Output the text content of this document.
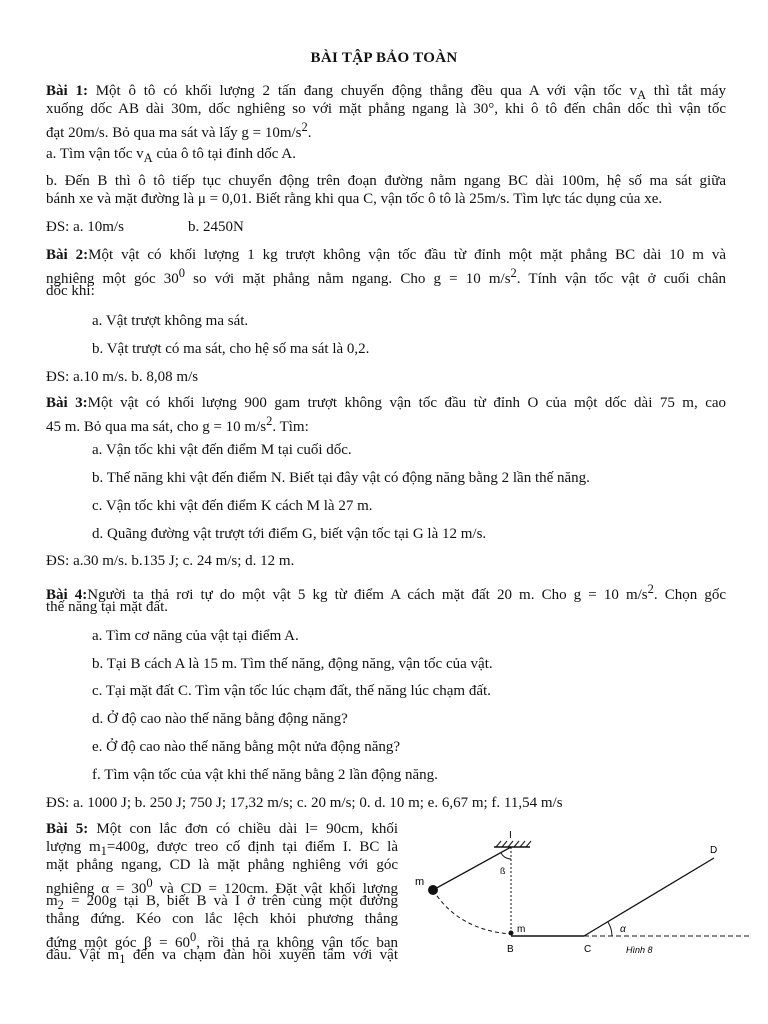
BÀI TẬP BẢO TOÀN
Bài 1: Một ô tô có khối lượng 2 tấn đang chuyển động thẳng đều qua A với vận tốc $v_A$ thì tắt máy
xuống dốc AB dài 30m, dốc nghiêng so với mặt phẳng ngang là 30°, khi ô tô đến chân dốc thì vận tốc
đạt 20m/s. Bỏ qua ma sát và lấy $g = 10m/s^2$.
a. Tìm vận tốc $v_A$ của ô tô tại đỉnh dốc A.
b. Đến B thì ô tô tiếp tục chuyển động trên đoạn đường nằm ngang BC dài 100m, hệ số ma sát giữa
bánh xe và mặt đường là μ = 0,01. Biết rằng khi qua C, vận tốc ô tô là 25m/s. Tìm lực tác dụng của xe.
ĐS: a. 10m/s	b. 2450N
Bài 2:Một vật có khối lượng 1 kg trượt không vận tốc đầu từ đỉnh một mặt phẳng BC dài 10 m và
nghiêng một góc $30^0$ so với mặt phẳng nằm ngang. Cho g = 10 $m/s^2$. Tính vận tốc vật ở cuối chân
dốc khi:
a. Vật trượt không ma sát.
b. Vật trượt có ma sát, cho hệ số ma sát là 0,2.
ĐS: a.10 m/s. b. 8,08 m/s
Bài 3:Một vật có khối lượng 900 gam trượt không vận tốc đầu từ đỉnh O của một dốc dài 75 m, cao
45 m. Bỏ qua ma sát, cho g = 10 $m/s^2$. Tìm:
a. Vận tốc khi vật đến điểm M tại cuối dốc.
b. Thế năng khi vật đến điểm N. Biết tại đây vật có động năng bằng 2 lần thế năng.
c. Vận tốc khi vật đến điểm K cách M là 27 m.
d. Quãng đường vật trượt tới điểm G, biết vận tốc tại G là 12 m/s.
ĐS: a.30 m/s. b.135 J; c. 24 m/s; d. 12 m.
Bài 4:Người ta thả rơi tự do một vật 5 kg từ điểm A cách mặt đất 20 m. Cho g = 10 $m/s^2$. Chọn gốc
thế năng tại mặt đất.
a. Tìm cơ năng của vật tại điểm A.
b. Tại B cách A là 15 m. Tìm thế năng, động năng, vận tốc của vật.
c. Tại mặt đất C. Tìm vận tốc lúc chạm đất, thế năng lúc chạm đất.
d. Ở độ cao nào thế năng bằng động năng?
e. Ở độ cao nào thế năng bằng một nửa động năng?
f. Tìm vận tốc của vật khi thế năng bằng 2 lần động năng.
ĐS: a. 1000 J; b. 250 J; 750 J; 17,32 m/s; c. 20 m/s; 0. d. 10 m; e. 6,67 m; f. 11,54 m/s
Bài 5: Một con lắc đơn có chiều dài l= 90cm, khối
lượng $m_1=400g$, được treo cố định tại điểm I. BC là
mặt phẳng ngang, CD là mặt phẳng nghiêng với góc
nghiêng $\alpha = 30^0$ và CD = 120cm. Đặt vật khối lượng
$m_2 = 200g$ tại B, biết B và I ở trên cùng một đường
thẳng đứng. Kéo con lắc lệch khỏi phương thẳng
đứng một góc $\beta = 60^0$, rồi thả ra không vận tốc ban
đầu. Vật $m_1$ đến va chạm đàn hồi xuyên tâm với vật
I
ß
m
m
B	C
D
α
Hình 8
